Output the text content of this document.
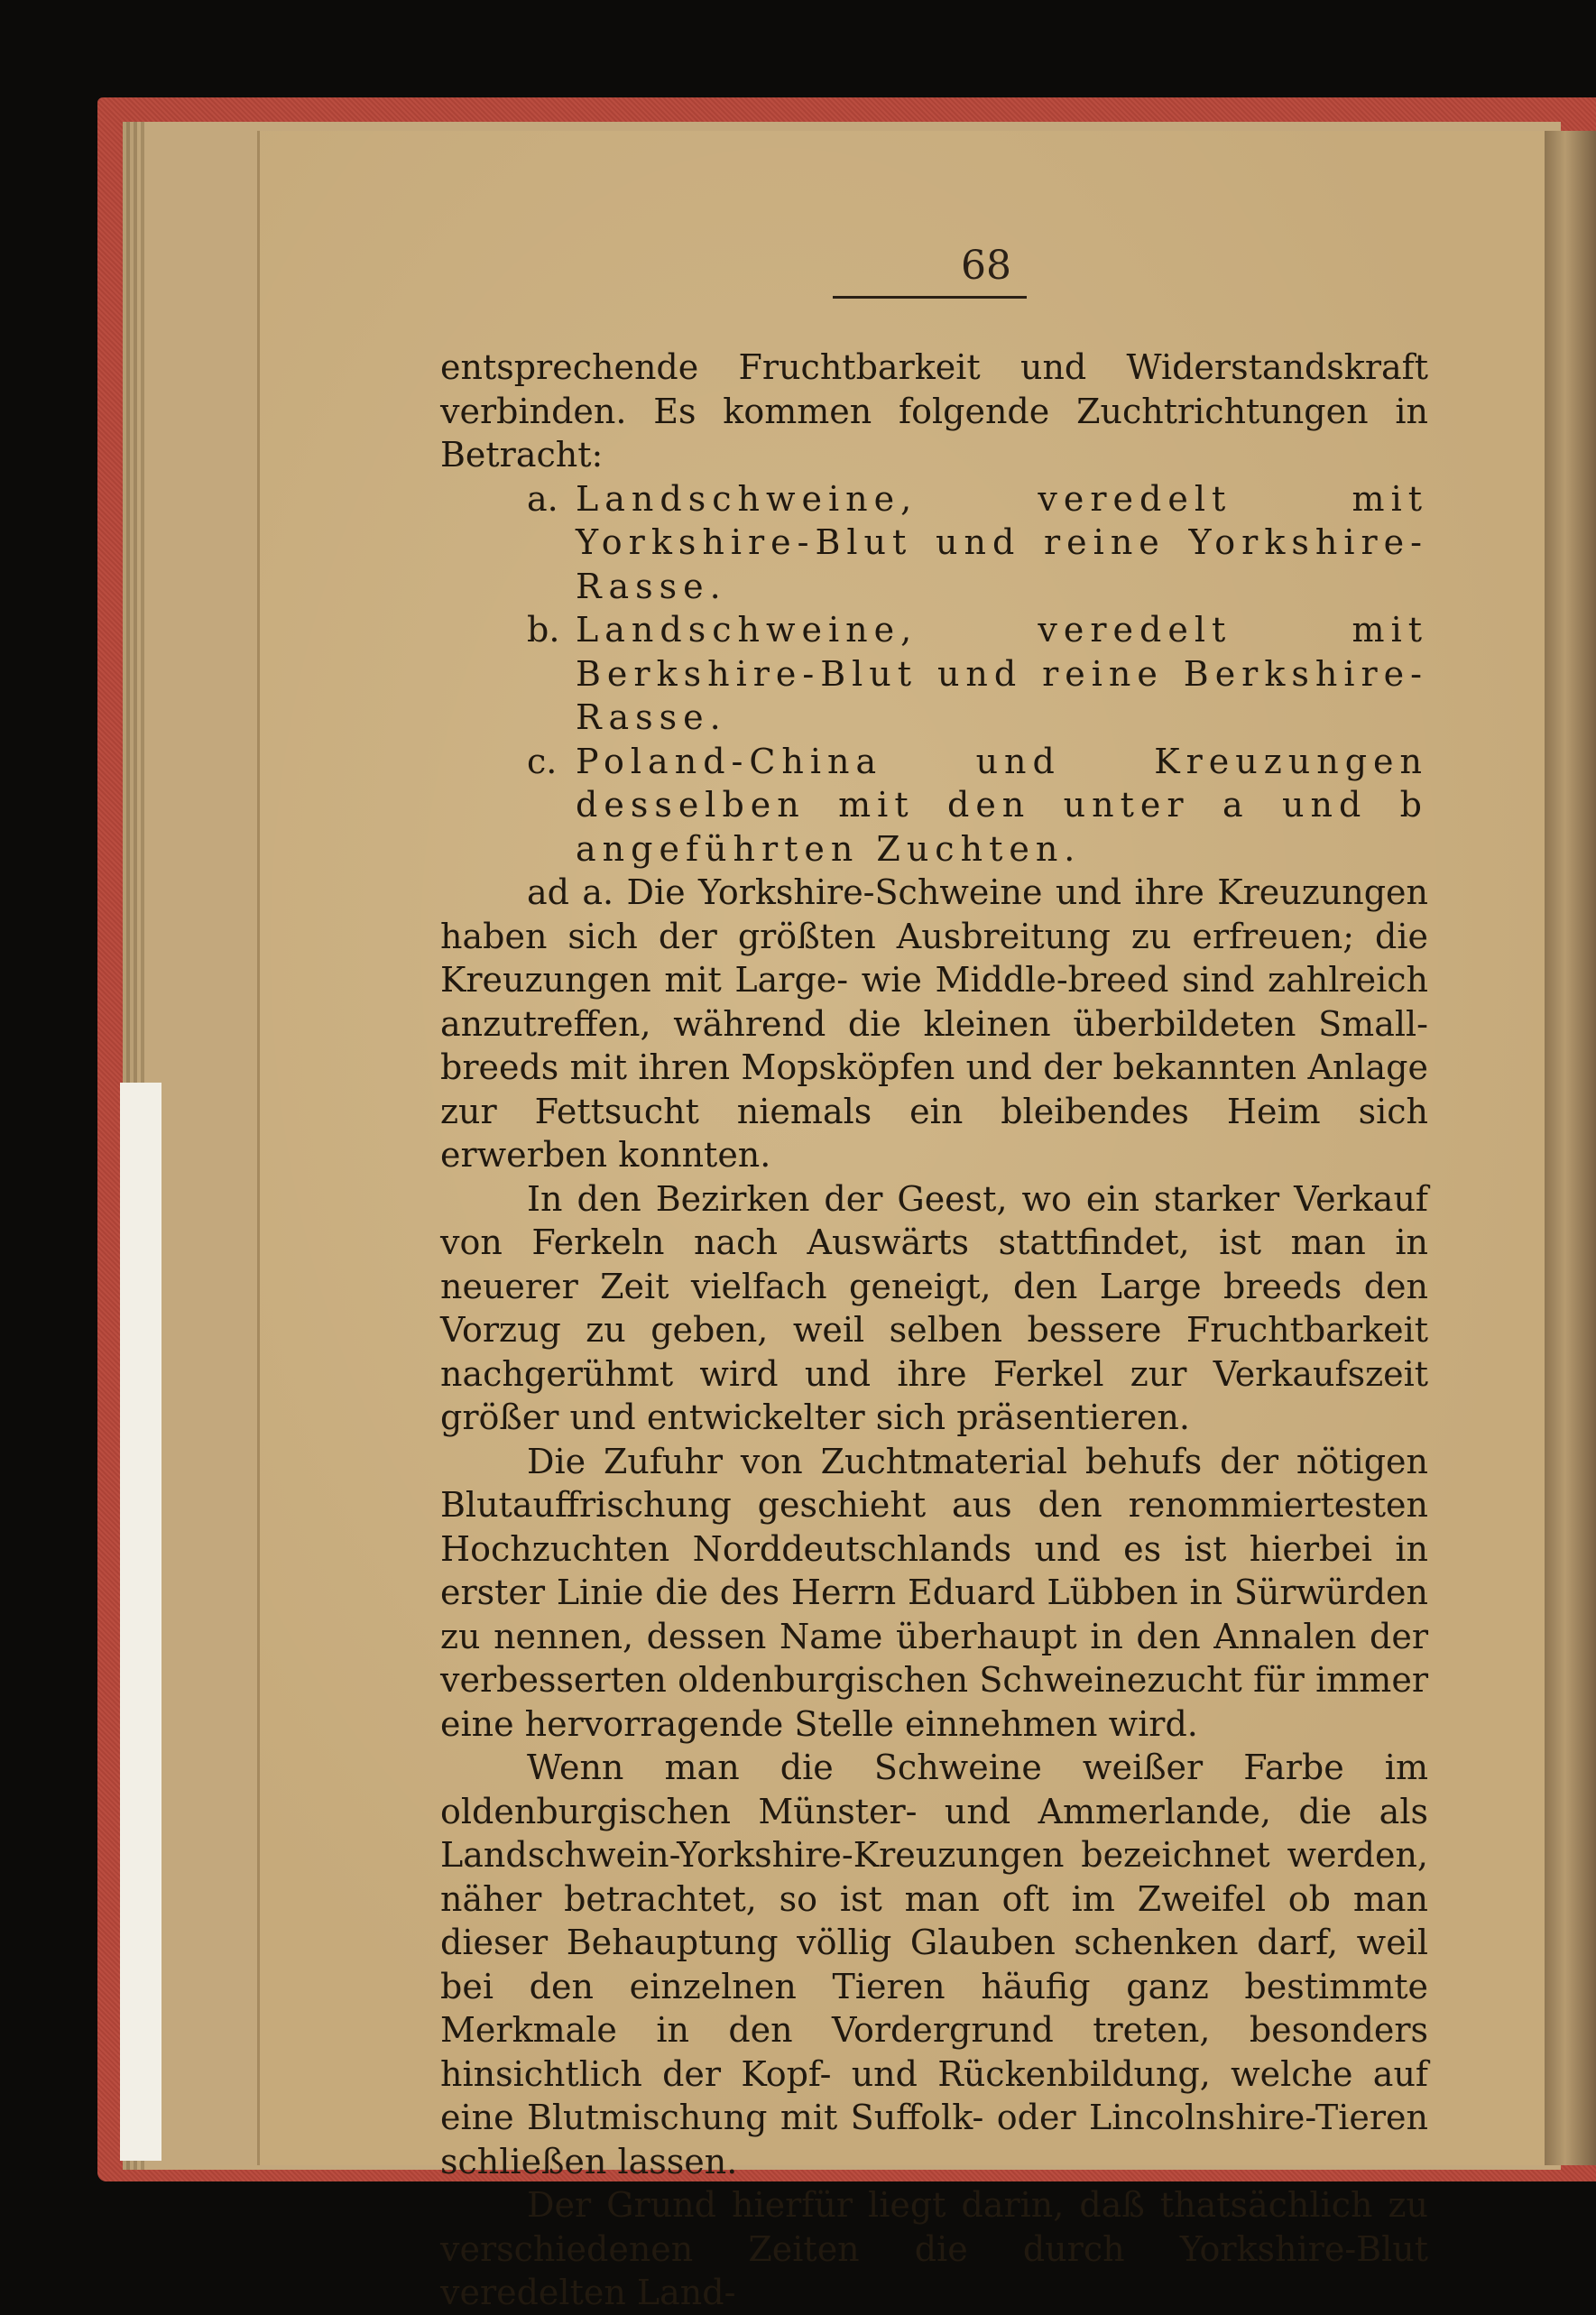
68

entsprechende Fruchtbarkeit und Widerstandskraft verbinden. Es kommen folgende Zuchtrichtungen in Betracht:

a. Landschweine, veredelt mit Yorkshire-Blut und reine Yorkshire-Rasse.
b. Landschweine, veredelt mit Berkshire-Blut und reine Berkshire-Rasse.
c. Poland-China und Kreuzungen desselben mit den unter a und b angeführten Zuchten.

ad a. Die Yorkshire-Schweine und ihre Kreuzungen haben sich der größten Ausbreitung zu erfreuen; die Kreuzungen mit Large- wie Middle-breed sind zahlreich anzutreffen, während die kleinen überbildeten Small-breeds mit ihren Mopsköpfen und der bekannten Anlage zur Fettsucht niemals ein bleibendes Heim sich erwerben konnten.

In den Bezirken der Geest, wo ein starker Verkauf von Ferkeln nach Auswärts stattfindet, ist man in neuerer Zeit vielfach geneigt, den Large breeds den Vorzug zu geben, weil selben bessere Fruchtbarkeit nachgerühmt wird und ihre Ferkel zur Verkaufszeit größer und entwickelter sich präsentieren.

Die Zufuhr von Zuchtmaterial behufs der nötigen Blutauffrischung geschieht aus den renommiertesten Hochzuchten Norddeutschlands und es ist hierbei in erster Linie die des Herrn Eduard Lübben in Sürwürden zu nennen, dessen Name überhaupt in den Annalen der verbesserten oldenburgischen Schweinezucht für immer eine hervorragende Stelle einnehmen wird.

Wenn man die Schweine weißer Farbe im oldenburgischen Münster- und Ammerlande, die als Landschwein-Yorkshire-Kreuzungen bezeichnet werden, näher betrachtet, so ist man oft im Zweifel ob man dieser Behauptung völlig Glauben schenken darf, weil bei den einzelnen Tieren häufig ganz bestimmte Merkmale in den Vordergrund treten, besonders hinsichtlich der Kopf- und Rückenbildung, welche auf eine Blutmischung mit Suffolk- oder Lincolnshire-Tieren schließen lassen.

Der Grund hierfür liegt darin, daß thatsächlich zu verschiedenen Zeiten die durch Yorkshire-Blut veredelten Land-
